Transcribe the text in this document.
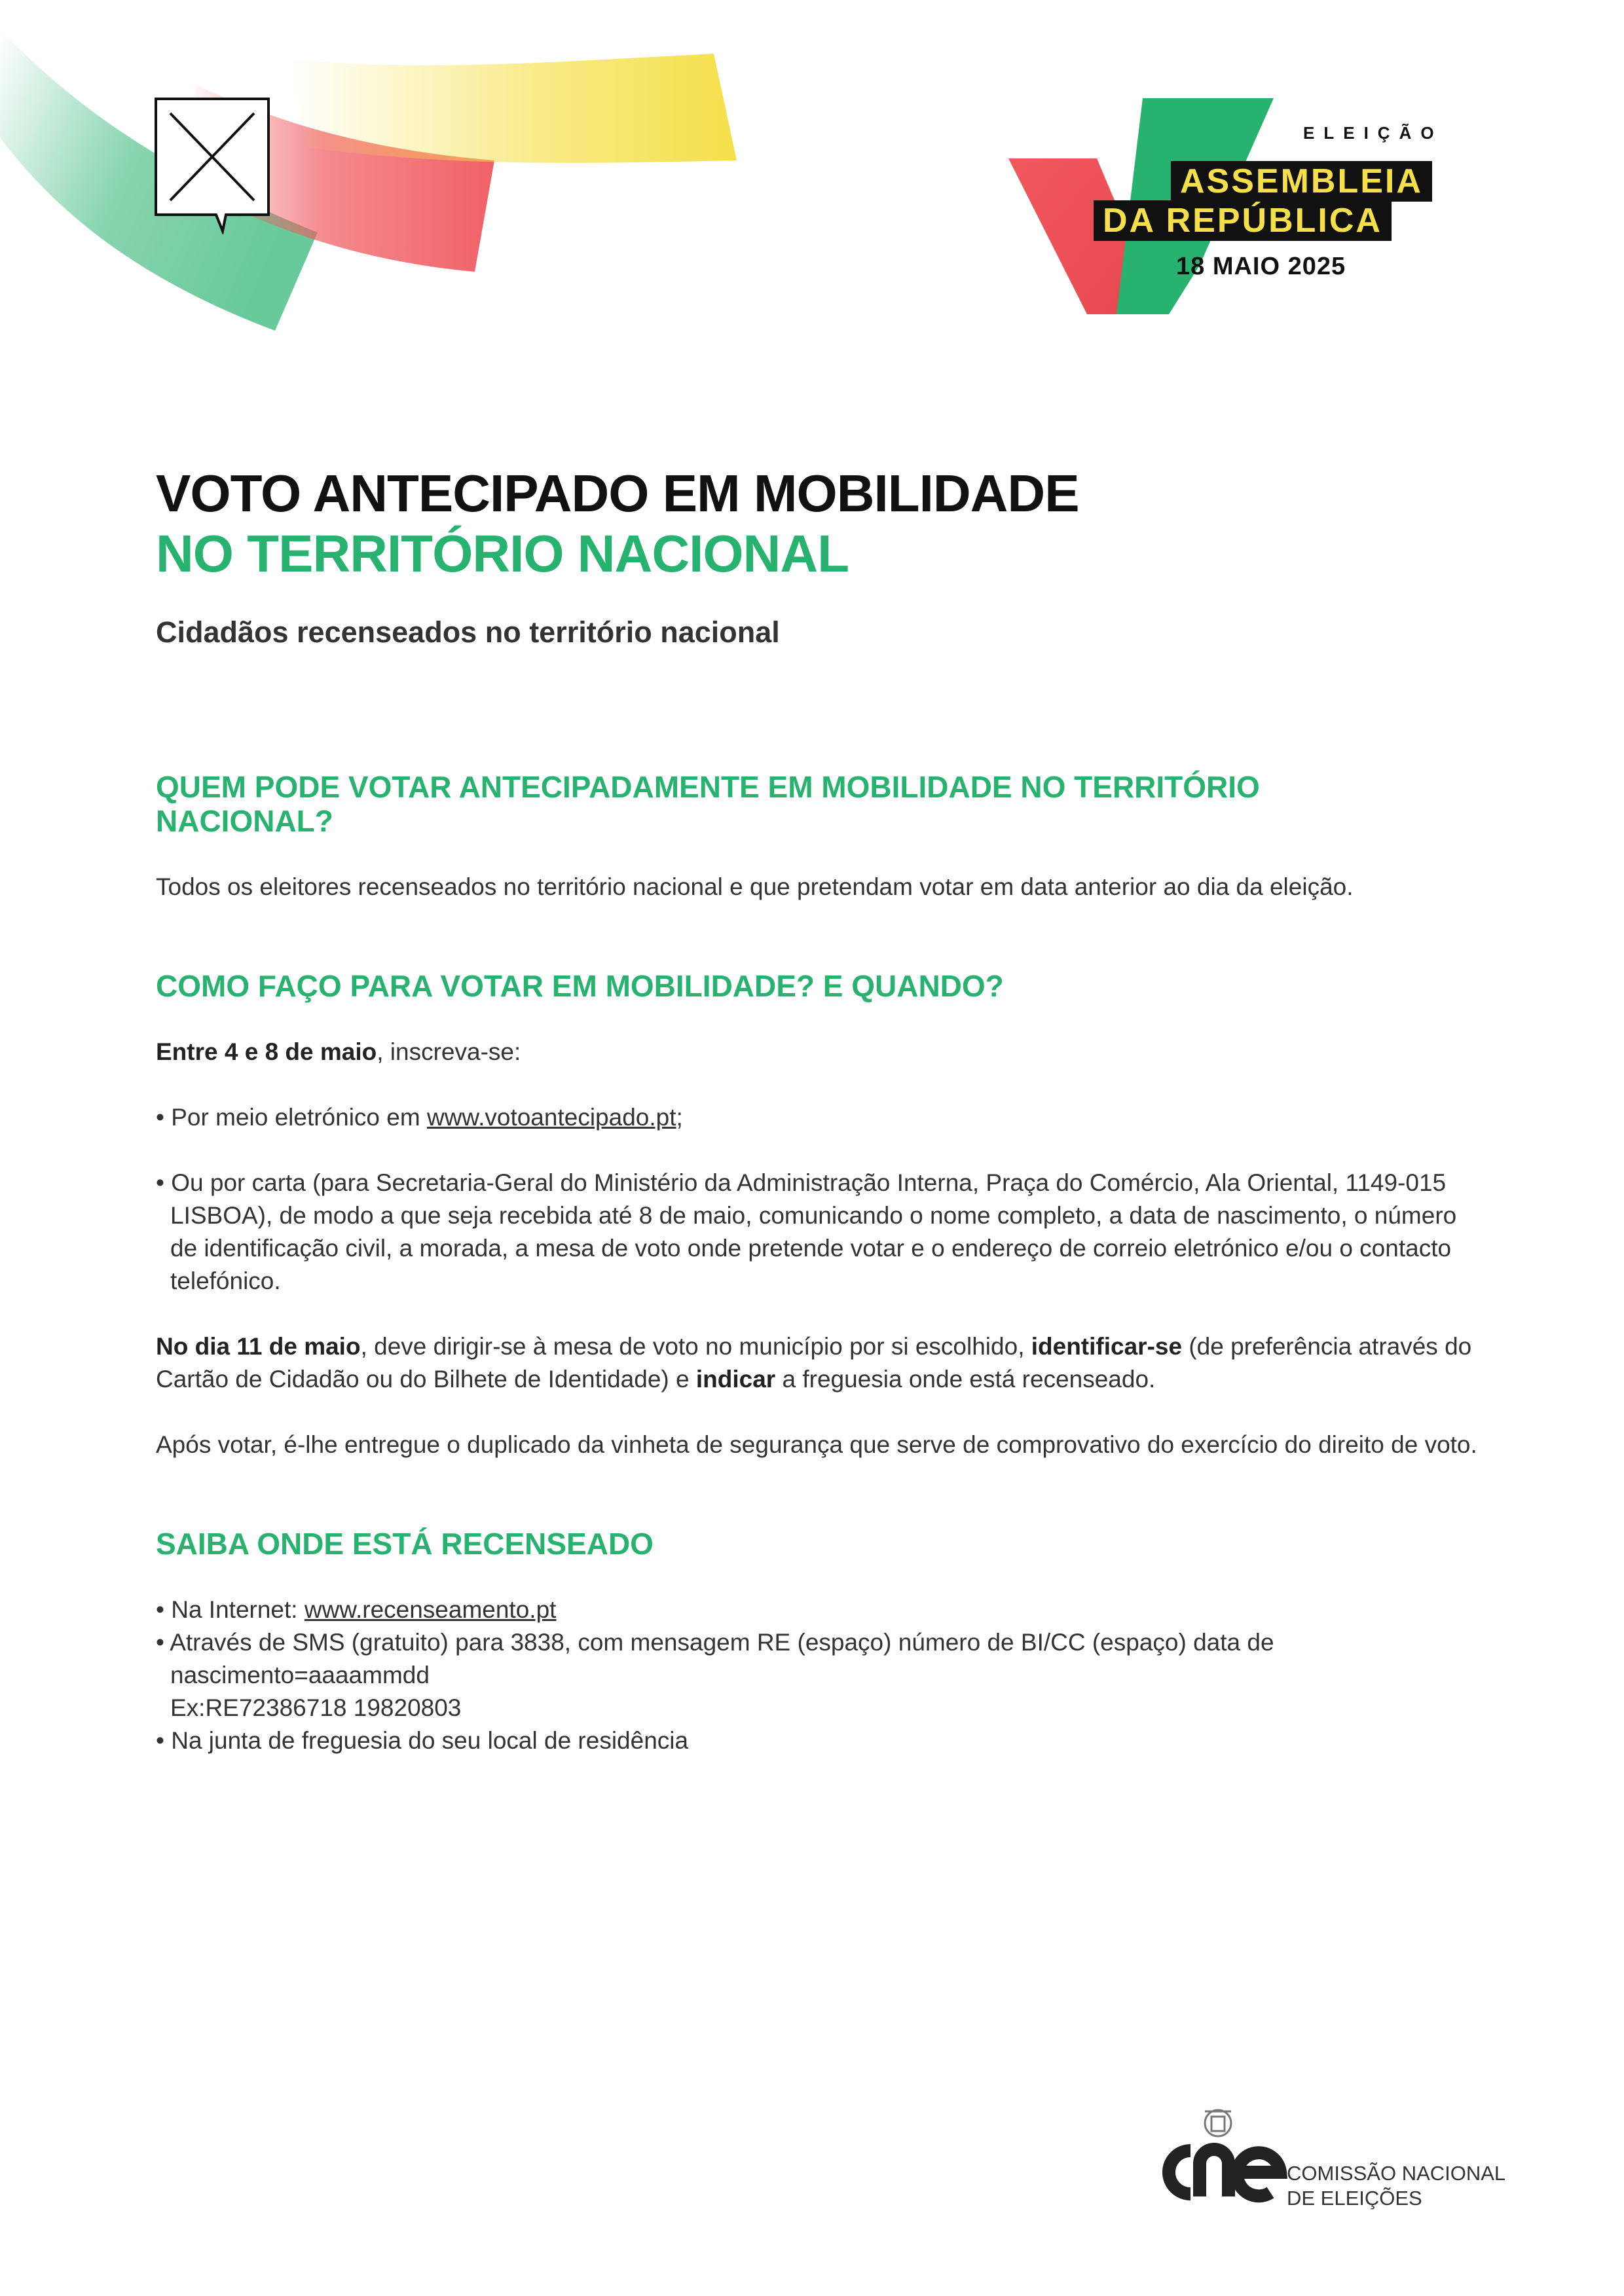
ELEIÇÃO
ASSEMBLEIA
DA REPÚBLICA
18 MAIO 2025
VOTO ANTECIPADO EM MOBILIDADE
NO TERRITÓRIO NACIONAL
Cidadãos recenseados no território nacional
QUEM PODE VOTAR ANTECIPADAMENTE EM MOBILIDADE NO TERRITÓRIO
NACIONAL?

Todos os eleitores recenseados no território nacional e que pretendam votar em data anterior ao dia da eleição.

COMO FAÇO PARA VOTAR EM MOBILIDADE? E QUANDO?

Entre 4 e 8 de maio, inscreva-se:

• Por meio eletrónico em www.votoantecipado.pt;

• Ou por carta (para Secretaria-Geral do Ministério da Administração Interna, Praça do Comércio, Ala Oriental, 1149-015 LISBOA), de modo a que seja recebida até 8 de maio, comunicando o nome completo, a data de nascimento, o número de identificação civil, a morada, a mesa de voto onde pretende votar e o endereço de correio eletrónico e/ou o contacto telefónico.

No dia 11 de maio, deve dirigir-se à mesa de voto no município por si escolhido, identificar-se (de preferência através do Cartão de Cidadão ou do Bilhete de Identidade) e indicar a freguesia onde está recenseado.

Após votar, é-lhe entregue o duplicado da vinheta de segurança que serve de comprovativo do exercício do direito de voto.

SAIBA ONDE ESTÁ RECENSEADO

• Na Internet: www.recenseamento.pt

• Através de SMS (gratuito) para 3838, com mensagem RE (espaço) número de BI/CC (espaço) data de nascimento=aaaammdd

Ex:RE72386718 19820803

• Na junta de freguesia do seu local de residência

COMISSÃO NACIONAL
DE ELEIÇÕES
